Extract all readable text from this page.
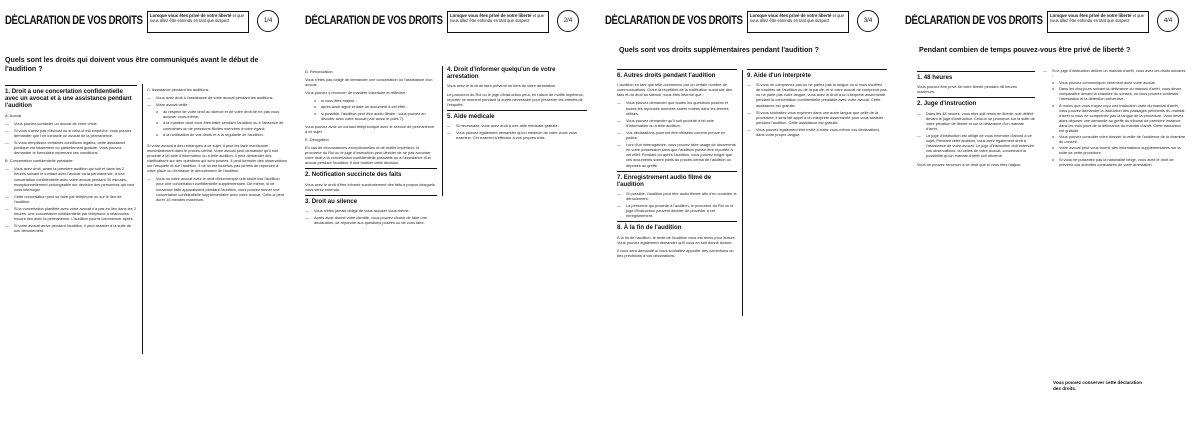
DÉCLARATION DE VOS DROITS	Lorsque vous êtes privé de votre liberté et que vous allez être entendu en tant que suspect	1/4
Quels sont les droits qui doivent vous être communiqués avant le début de l'audition ?
1. Droit à une concertation confidentielle avec un avocat et à une assistance pendant l'audition

A. Avocat

— Vous pouvez contacter un avocat de votre choix.
— Si vous n'avez pas d'avocat ou si celui-ci est empêché, vous pouvez demander que l'on contacte un avocat de la permanence.
— Si vous remplissez certaines conditions légales, cette assistance juridique est totalement ou partiellement gratuite. Vous pouvez demander le formulaire reprenant ces conditions.

B. Concertation confidentielle préalable

— Vous avez droit, avant la première audition qui suit et dans les 2 heures suivant le contact avec l'avocat ou la permanence, à une concertation confidentielle avec votre avocat pendant 30 minutes, exceptionnellement prolongeable sur décision des personnes qui vont vous interroger.
— Cette concertation peut se faire par téléphone ou sur le lieu de l'audition.
— Si la concertation planifiée avec votre avocat n'a pas eu lieu dans les 2 heures, une concertation confidentielle par téléphone a néanmoins encore lieu avec la permanence. L'audition pourra commencer après.
— Si votre avocat arrive pendant l'audition, il peut assister à la suite de son déroulement.

C. Assistance pendant les auditions

— Vous avez droit à l'assistance de votre avocat pendant les auditions.
— Votre avocat veille :
o au respect de votre droit au silence et de votre droit de ne pas vous accuser vous-même;
o à la manière dont vous êtes traité pendant l'audition ou à l'absence de contraintes ou de pressions illicites exercées à votre égard;
o à la notification de vos droits et à la régularité de l'audition.

Si votre avocat a des remarques à ce sujet, il peut les faire mentionner immédiatement dans le procès-verbal. Votre avocat peut demander qu'il soit procédé à tel acte d'information ou à telle audition. Il peut demander des clarifications sur des questions qui sont posées. Il peut formuler des observations sur l'enquête et sur l'audition. Il ne lui est toutefois pas permis de répondre à votre place ou d'entraver le déroulement de l'audition.

— Vous ou votre avocat avez le droit d'interrompre une seule fois l'audition pour une concertation confidentielle supplémentaire. De même, si de nouveaux faits apparaissent pendant l'audition, vous pouvez mener une concertation confidentielle supplémentaire avec votre avocat. Celle-ci peut durer 15 minutes maximum.
DÉCLARATION DE VOS DROITS	Lorsque vous êtes privé de votre liberté et que vous allez être entendu en tant que suspect	2/4

D. Renonciation

Vous n'êtes pas obligé de demander une concertation ou l'assistance d'un avocat.

Vous pouvez y renoncer de manière volontaire et réfléchie :

o si vous êtes majeur ;
o après avoir signé et daté un document à cet effet ;
o si possible, l'audition peut être audio filmée ; vous pouvez en discuter avec votre avocat (voir aussi le point 7).

Vous pouvez avoir un contact téléphonique avec le service de permanence à ce sujet.

E. Dérogation

En cas de circonstances exceptionnelles et de motifs impérieux, le procureur du Roi ou le juge d'instruction peut décider de ne pas accorder votre droit à la concertation confidentielle préalable ou à l'assistance d'un avocat pendant l'audition. Il doit motiver cette décision.

2. Notification succincte des faits

Vous avez le droit d'être informé succinctement des faits à propos desquels vous serez entendu.

3. Droit au silence
— Vous n'êtes jamais obligé de vous accuser vous-même.
— Après avoir donné votre identité, vous pouvez choisir de faire une déclaration, de répondre aux questions posées ou de vous taire.
4. Droit d'informer quelqu'un de votre arrestation

Vous avez le droit de faire prévenir un tiers de votre arrestation.

Le procureur du Roi ou le juge d'instruction peut, en raison de motifs impérieux, reporter ce moment pendant la durée nécessaire pour préserver les intérêts de l'enquête.

5. Aide médicale
— Si nécessaire, vous avez droit à une aide médicale gratuite.
— Vous pouvez également demander qu'un médecin de votre choix vous examine. Cet examen s'effectue à vos propres frais.
DÉCLARATION DE VOS DROITS	Lorsque vous êtes privé de votre liberté et que vous allez être entendu en tant que suspect	3/4
Quels sont vos droits supplémentaires pendant l'audition ?
6. Autres droits pendant l'audition

L'audition en tant que telle commence par un certain nombre de communications. Outre la répétition de la notification succincte des faits et du droit au silence, vous êtes informé que :

— Vous pouvez demander que toutes les questions posées et toutes les réponses données soient notées dans les termes utilisés.
— Vous pouvez demander qu'il soit procédé à tel acte d'information ou à telle audition.
— Vos déclarations pourront être utilisées comme preuve en justice.
— Lors d'un interrogatoire, vous pouvez faire usage de documents en votre possession sans que l'audition puisse être reportée à cet effet. Pendant ou après l'audition, vous pouvez exiger que ces documents soient joints au procès-verbal de l'audition ou déposés au greffe.
7. Enregistrement audio filmé de l'audition
— Si possible, l'audition peut être audio filmée afin d'en contrôler le déroulement.
— La personne qui procède à l'audition, le procureur du Roi ou le juge d'instruction peuvent décider de procéder à cet enregistrement.
8. À la fin de l'audition

À la fin de l'audition, le texte de l'audition vous est remis pour lecture. Vous pouvez également demander qu'il vous en soit donné lecture.

Il vous sera demandé si vous souhaitez apporter des corrections ou des précisions à vos déclarations.

9. Aide d'un interprète
— Si vous ne comprenez pas ou ne parlez pas la langue ou si vous souffrez de troubles de l'audition ou de la parole, et si votre avocat ne comprend pas ou ne parle pas votre langue, vous avez le droit à un interprète assermenté pendant la concertation confidentielle préalable avec votre avocat. Cette assistance est gratuite.
— Si vous souhaitez vous exprimer dans une autre langue que celle de la procédure, il sera fait appel à un interprète assermenté pour vous assister pendant l'audition. Cette assistance est gratuite.
— Vous pouvez également être invité à noter vous-même vos déclarations dans votre propre langue.
DÉCLARATION DE VOS DROITS	Lorsque vous êtes privé de votre liberté et que vous allez être entendu en tant que suspect	4/4
Pendant combien de temps pouvez-vous être privé de liberté ?
1. 48 heures

Vous pouvez être privé de votre liberté pendant 48 heures maximum.

2. Juge d'instruction
— Dans les 48 heures, vous êtes soit remis en liberté, soit déféré devant le juge d'instruction. Celui-ci se prononce sur la suite de votre privation de liberté et sur la délivrance d'un mandat d'arrêt.
— Le juge d'instruction est obligé de vous entendre d'abord à ce sujet. Pendant cette audition, vous avez également droit à l'assistance de votre avocat. Le juge d'instruction doit entendre vos observations, ou celles de votre avocat, concernant la possibilité qu'un mandat d'arrêt soit décerné.

Vous ne pouvez renoncer à ce droit que si vous êtes majeur.

— Si le juge d'instruction délivre un mandat d'arrêt, vous avez les droits suivants :
o Vous pouvez communiquer librement avec votre avocat.
o Dans les cinq jours suivant la délivrance du mandat d'arrêt, vous devez comparaître devant la chambre du conseil, où vous pourrez contester l'arrestation et la détention préventive.
o À moins que vous n'ayez reçu une traduction orale du mandat d'arrêt, vous pouvez demander la traduction des passages pertinents du mandat d'arrêt si vous ne comprenez pas la langue de la procédure. Vous devez alors déposer une demande au greffe du tribunal de première instance dans les trois jours de la délivrance du mandat d'arrêt. Cette traduction est gratuite.
o Vous pouvez consulter votre dossier la veille de l'audience de la chambre du conseil.
o Votre avocat peut vous fournir des informations supplémentaires sur la suite de cette procédure.
o Si vous ne possédez pas la nationalité belge, vous avez le droit de prévenir vos autorités consulaires de votre arrestation.
Vous pouvez conserver cette déclaration des droits.
